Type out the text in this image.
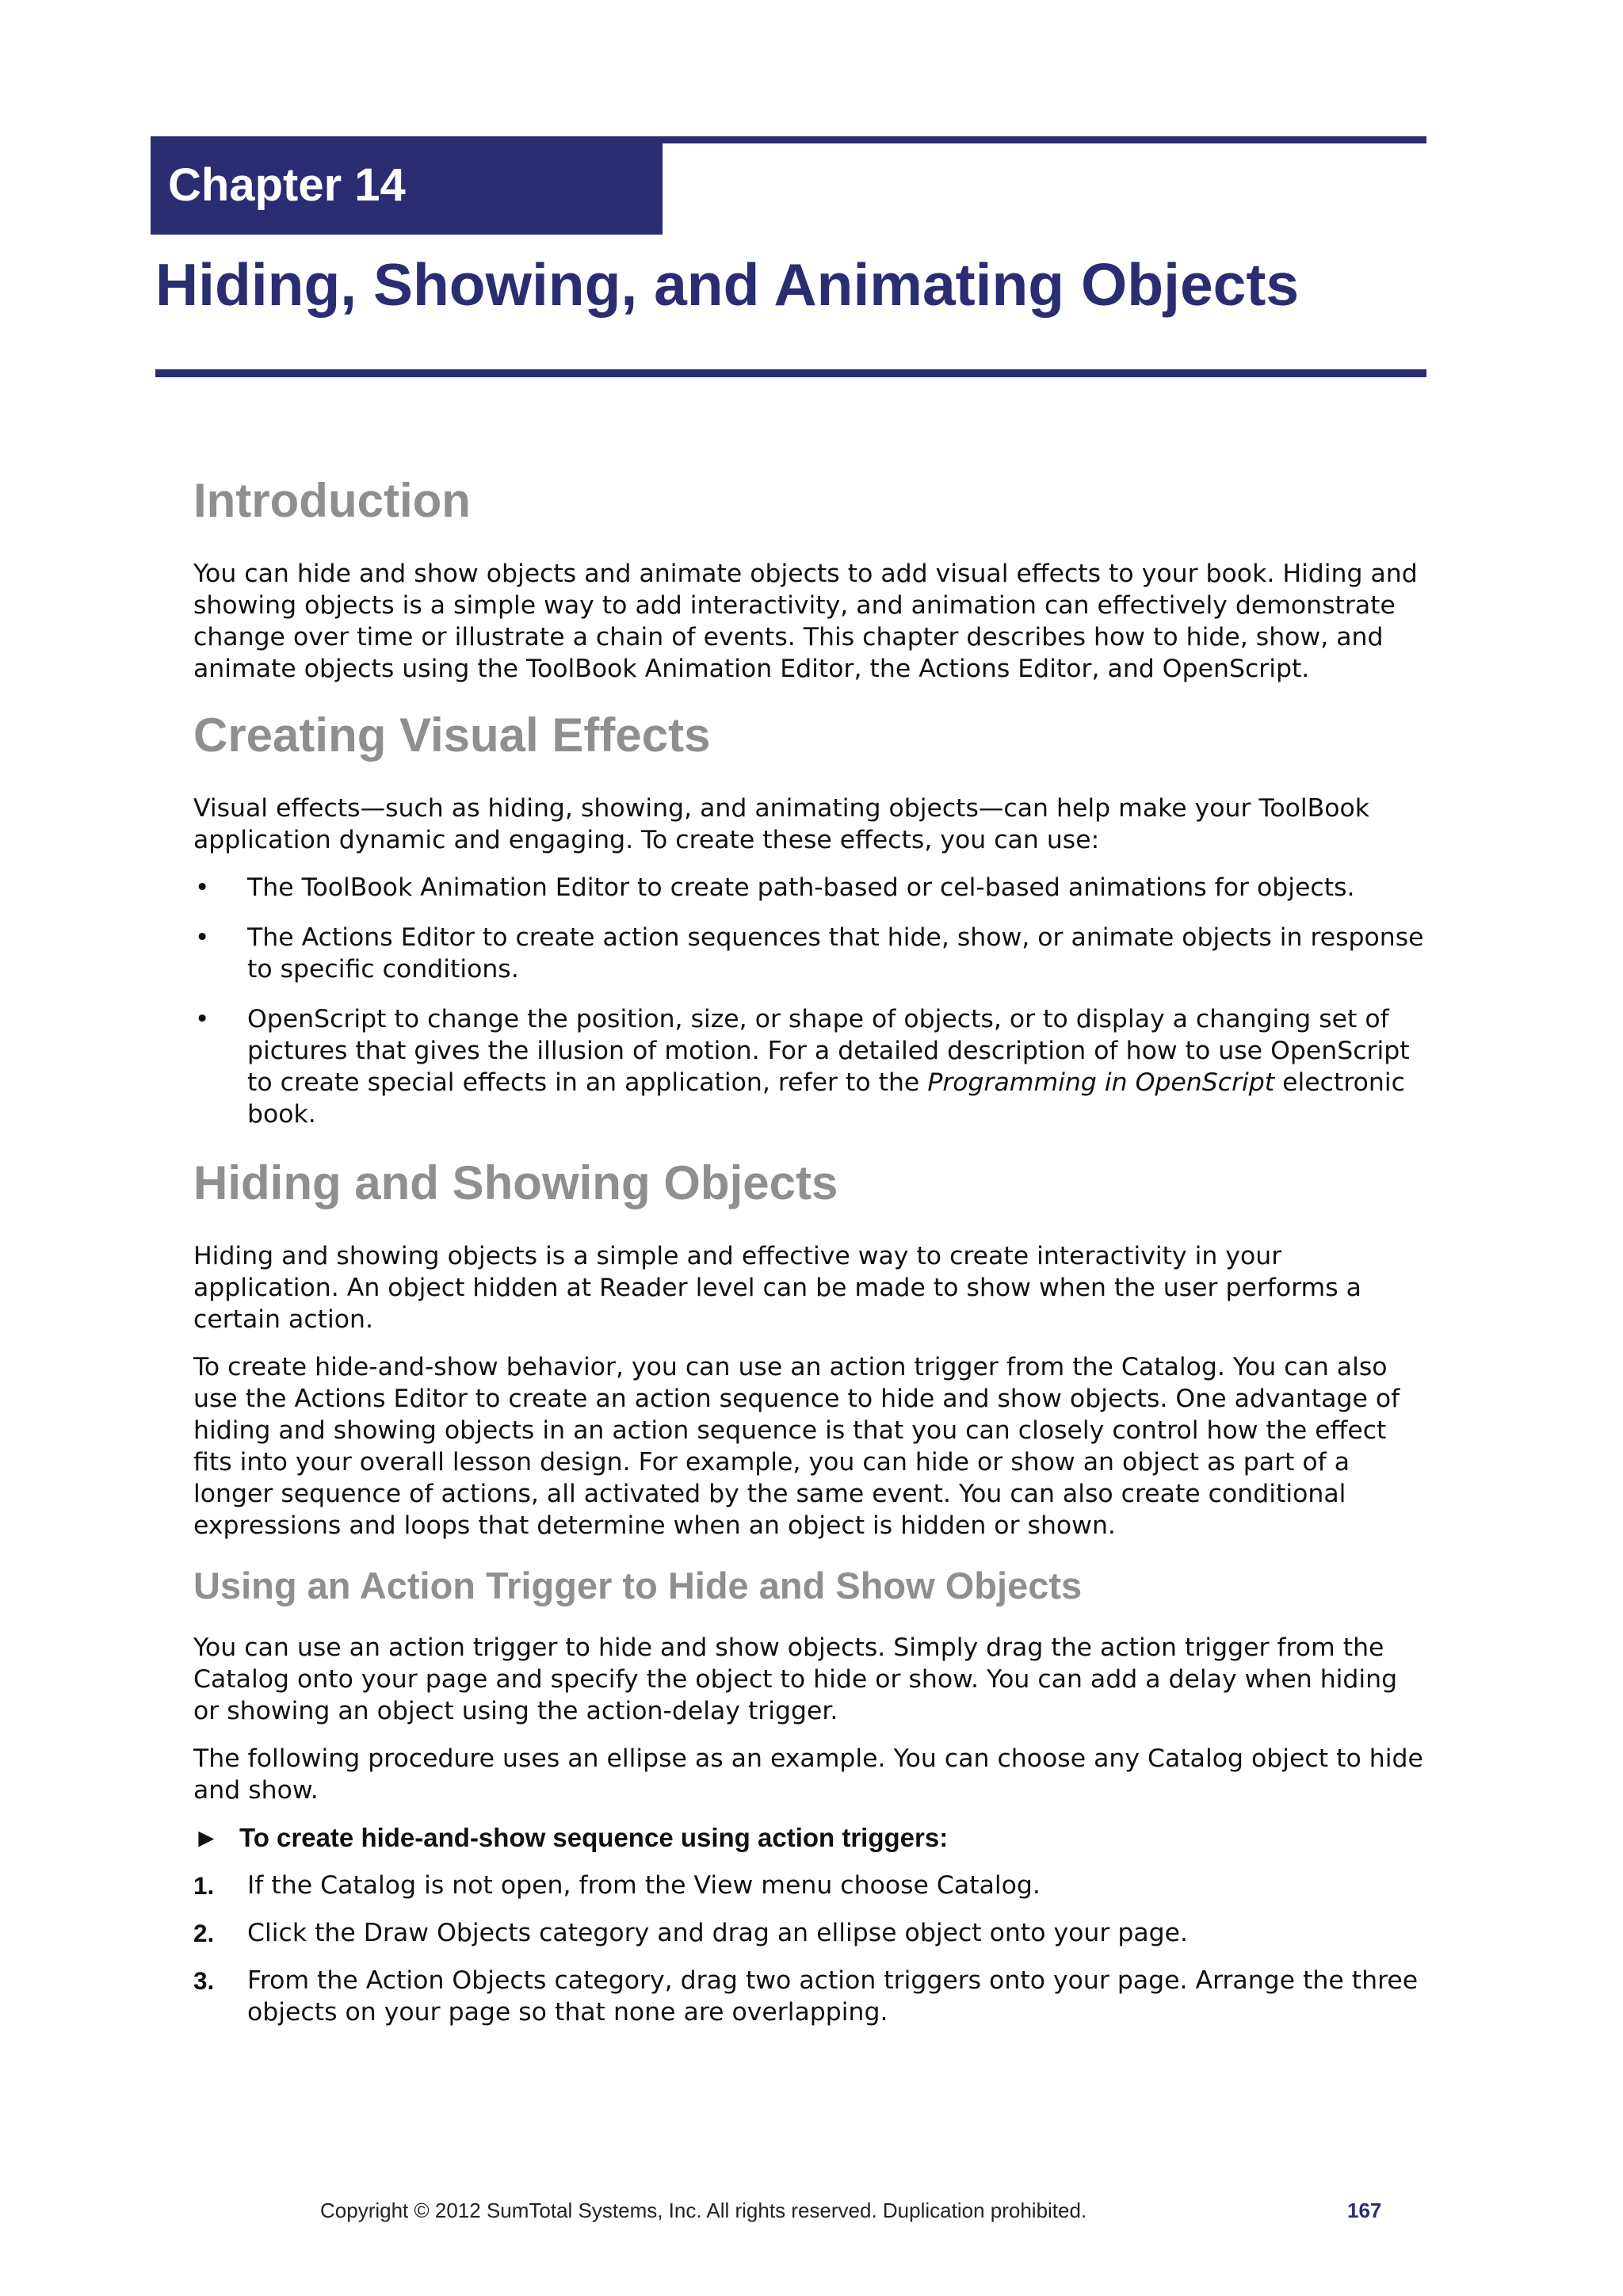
Chapter 14
Hiding, Showing, and Animating Objects
Introduction

You can hide and show objects and animate objects to add visual effects to your book. Hiding and showing objects is a simple way to add interactivity, and animation can effectively demonstrate change over time or illustrate a chain of events. This chapter describes how to hide, show, and animate objects using the ToolBook Animation Editor, the Actions Editor, and OpenScript.

Creating Visual Effects

Visual effects—such as hiding, showing, and animating objects—can help make your ToolBook application dynamic and engaging. To create these effects, you can use:

• The ToolBook Animation Editor to create path-based or cel-based animations for objects.
• The Actions Editor to create action sequences that hide, show, or animate objects in response to specific conditions.
• OpenScript to change the position, size, or shape of objects, or to display a changing set of pictures that gives the illusion of motion. For a detailed description of how to use OpenScript to create special effects in an application, refer to the Programming in OpenScript electronic book.
Hiding and Showing Objects

Hiding and showing objects is a simple and effective way to create interactivity in your application. An object hidden at Reader level can be made to show when the user performs a certain action.

To create hide-and-show behavior, you can use an action trigger from the Catalog. You can also use the Actions Editor to create an action sequence to hide and show objects. One advantage of hiding and showing objects in an action sequence is that you can closely control how the effect fits into your overall lesson design. For example, you can hide or show an object as part of a longer sequence of actions, all activated by the same event. You can also create conditional expressions and loops that determine when an object is hidden or shown.

Using an Action Trigger to Hide and Show Objects

You can use an action trigger to hide and show objects. Simply drag the action trigger from the Catalog onto your page and specify the object to hide or show. You can add a delay when hiding or showing an object using the action-delay trigger.

The following procedure uses an ellipse as an example. You can choose any Catalog object to hide and show.

► To create hide-and-show sequence using action triggers:
1. If the Catalog is not open, from the View menu choose Catalog.
2. Click the Draw Objects category and drag an ellipse object onto your page.
3. From the Action Objects category, drag two action triggers onto your page. Arrange the three objects on your page so that none are overlapping.
Copyright © 2012 SumTotal Systems, Inc. All rights reserved. Duplication prohibited.	167
